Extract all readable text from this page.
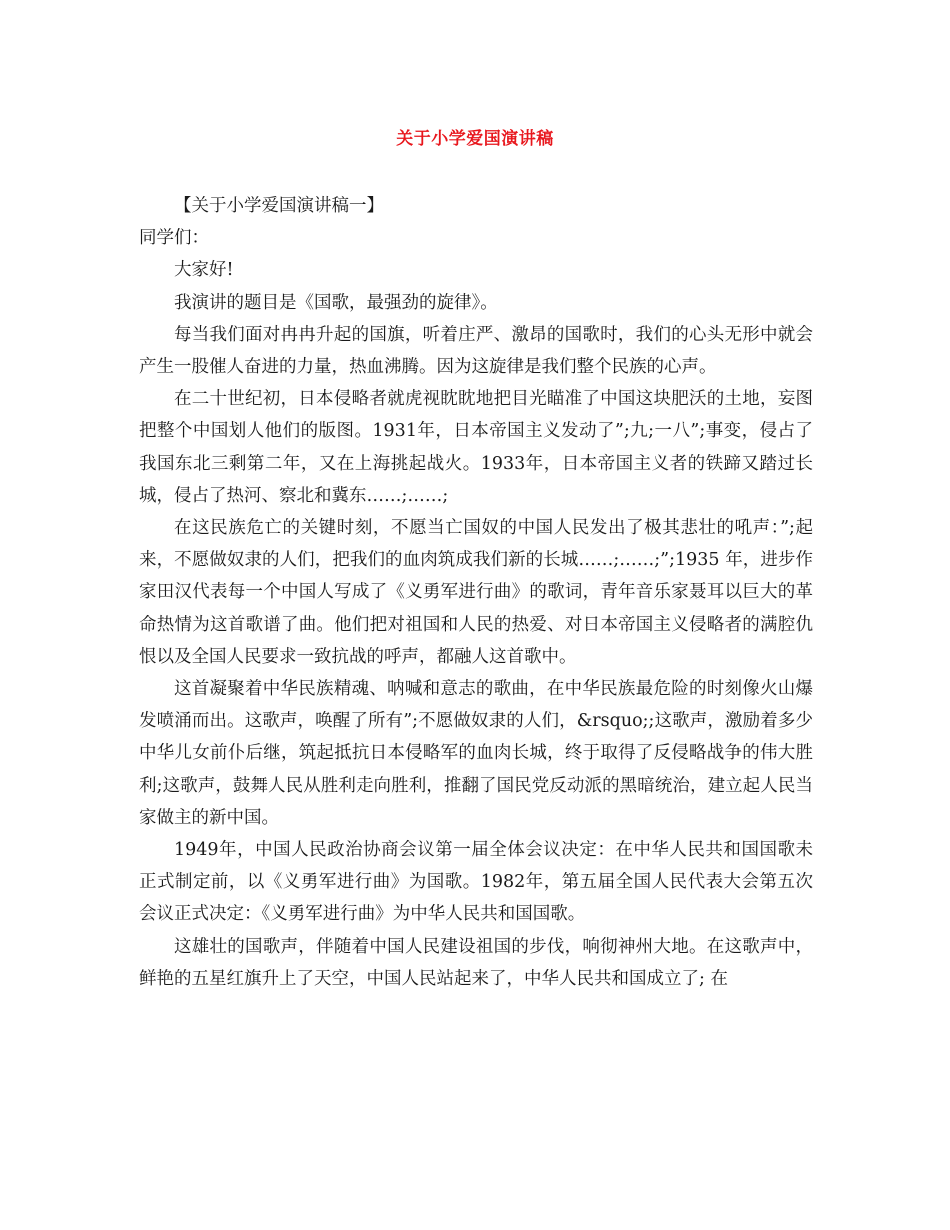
关于小学爱国演讲稿

【关于小学爱国演讲稿一】

同学们：

大家好!

我演讲的题目是《国歌，最强劲的旋律》。

每当我们面对冉冉升起的国旗，听着庄严、激昂的国歌时，我们的心头无形中就会产生一股催人奋进的力量，热血沸腾。因为这旋律是我们整个民族的心声。

在二十世纪初，日本侵略者就虎视眈眈地把目光瞄准了中国这块肥沃的土地，妄图把整个中国划人他们的版图。1931年，日本帝国主义发动了”;九;一八”;事变，侵占了我国东北三剩第二年，又在上海挑起战火。1933年，日本帝国主义者的铁蹄又踏过长城，侵占了热河、察北和冀东……;……;

在这民族危亡的关键时刻，不愿当亡国奴的中国人民发出了极其悲壮的吼声：”;起来，不愿做奴隶的人们，把我们的血肉筑成我们新的长城……;……;”;1935 年，进步作家田汉代表每一个中国人写成了《义勇军进行曲》的歌词，青年音乐家聂耳以巨大的革命热情为这首歌谱了曲。他们把对祖国和人民的热爱、对日本帝国主义侵略者的满腔仇恨以及全国人民要求一致抗战的呼声，都融人这首歌中。

这首凝聚着中华民族精魂、呐喊和意志的歌曲，在中华民族最危险的时刻像火山爆发喷涌而出。这歌声，唤醒了所有”;不愿做奴隶的人们，&rsquo;;这歌声，激励着多少中华儿女前仆后继，筑起抵抗日本侵略军的血肉长城，终于取得了反侵略战争的伟大胜利;这歌声，鼓舞人民从胜利走向胜利，推翻了国民党反动派的黑暗统治，建立起人民当家做主的新中国。

1949年，中国人民政治协商会议第一届全体会议决定：在中华人民共和国国歌未正式制定前，以《义勇军进行曲》为国歌。1982年，第五届全国人民代表大会第五次会议正式决定：《义勇军进行曲》为中华人民共和国国歌。

这雄壮的国歌声，伴随着中国人民建设祖国的步伐，响彻神州大地。在这歌声中，鲜艳的五星红旗升上了天空，中国人民站起来了，中华人民共和国成立了; 在
